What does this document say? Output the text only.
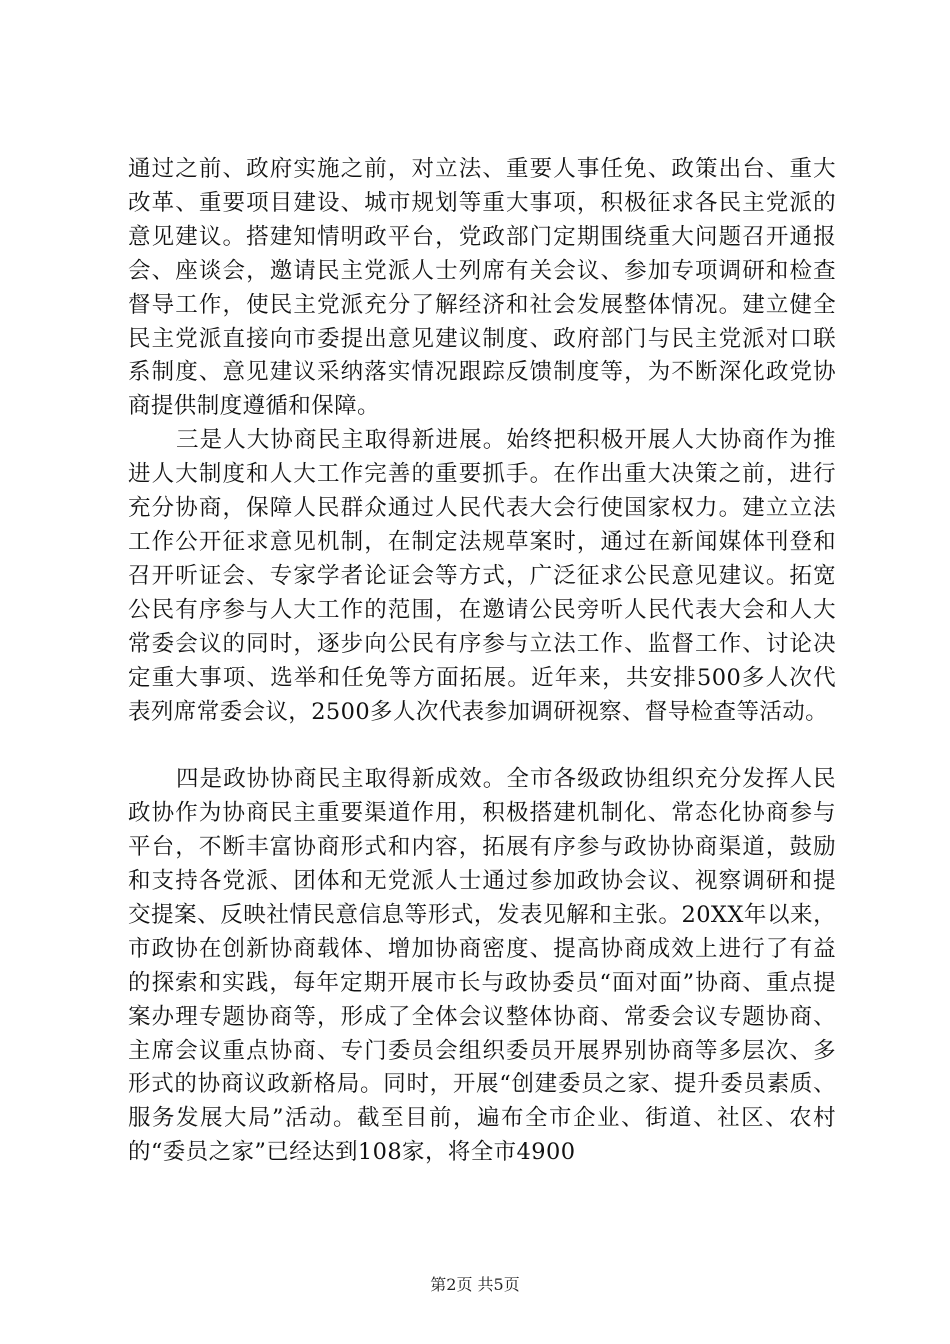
通过之前、政府实施之前，对立法、重要人事任免、政策出台、重大改革、重要项目建设、城市规划等重大事项，积极征求各民主党派的意见建议。搭建知情明政平台，党政部门定期围绕重大问题召开通报会、座谈会，邀请民主党派人士列席有关会议、参加专项调研和检查督导工作，使民主党派充分了解经济和社会发展整体情况。建立健全民主党派直接向市委提出意见建议制度、政府部门与民主党派对口联系制度、意见建议采纳落实情况跟踪反馈制度等，为不断深化政党协商提供制度遵循和保障。

三是人大协商民主取得新进展。始终把积极开展人大协商作为推进人大制度和人大工作完善的重要抓手。在作出重大决策之前，进行充分协商，保障人民群众通过人民代表大会行使国家权力。建立立法工作公开征求意见机制，在制定法规草案时，通过在新闻媒体刊登和召开听证会、专家学者论证会等方式，广泛征求公民意见建议。拓宽公民有序参与人大工作的范围，在邀请公民旁听人民代表大会和人大常委会议的同时，逐步向公民有序参与立法工作、监督工作、讨论决定重大事项、选举和任免等方面拓展。近年来，共安排500多人次代表列席常委会议，2500多人次代表参加调研视察、督导检查等活动。

四是政协协商民主取得新成效。全市各级政协组织充分发挥人民政协作为协商民主重要渠道作用，积极搭建机制化、常态化协商参与平台，不断丰富协商形式和内容，拓展有序参与政协协商渠道，鼓励和支持各党派、团体和无党派人士通过参加政协会议、视察调研和提交提案、反映社情民意信息等形式，发表见解和主张。20XX年以来，市政协在创新协商载体、增加协商密度、提高协商成效上进行了有益的探索和实践，每年定期开展市长与政协委员“面对面”协商、重点提案办理专题协商等，形成了全体会议整体协商、常委会议专题协商、主席会议重点协商、专门委员会组织委员开展界别协商等多层次、多形式的协商议政新格局。同时，开展“创建委员之家、提升委员素质、服务发展大局”活动。截至目前，遍布全市企业、街道、社区、农村的“委员之家”已经达到108家，将全市4900

第2页 共5页
